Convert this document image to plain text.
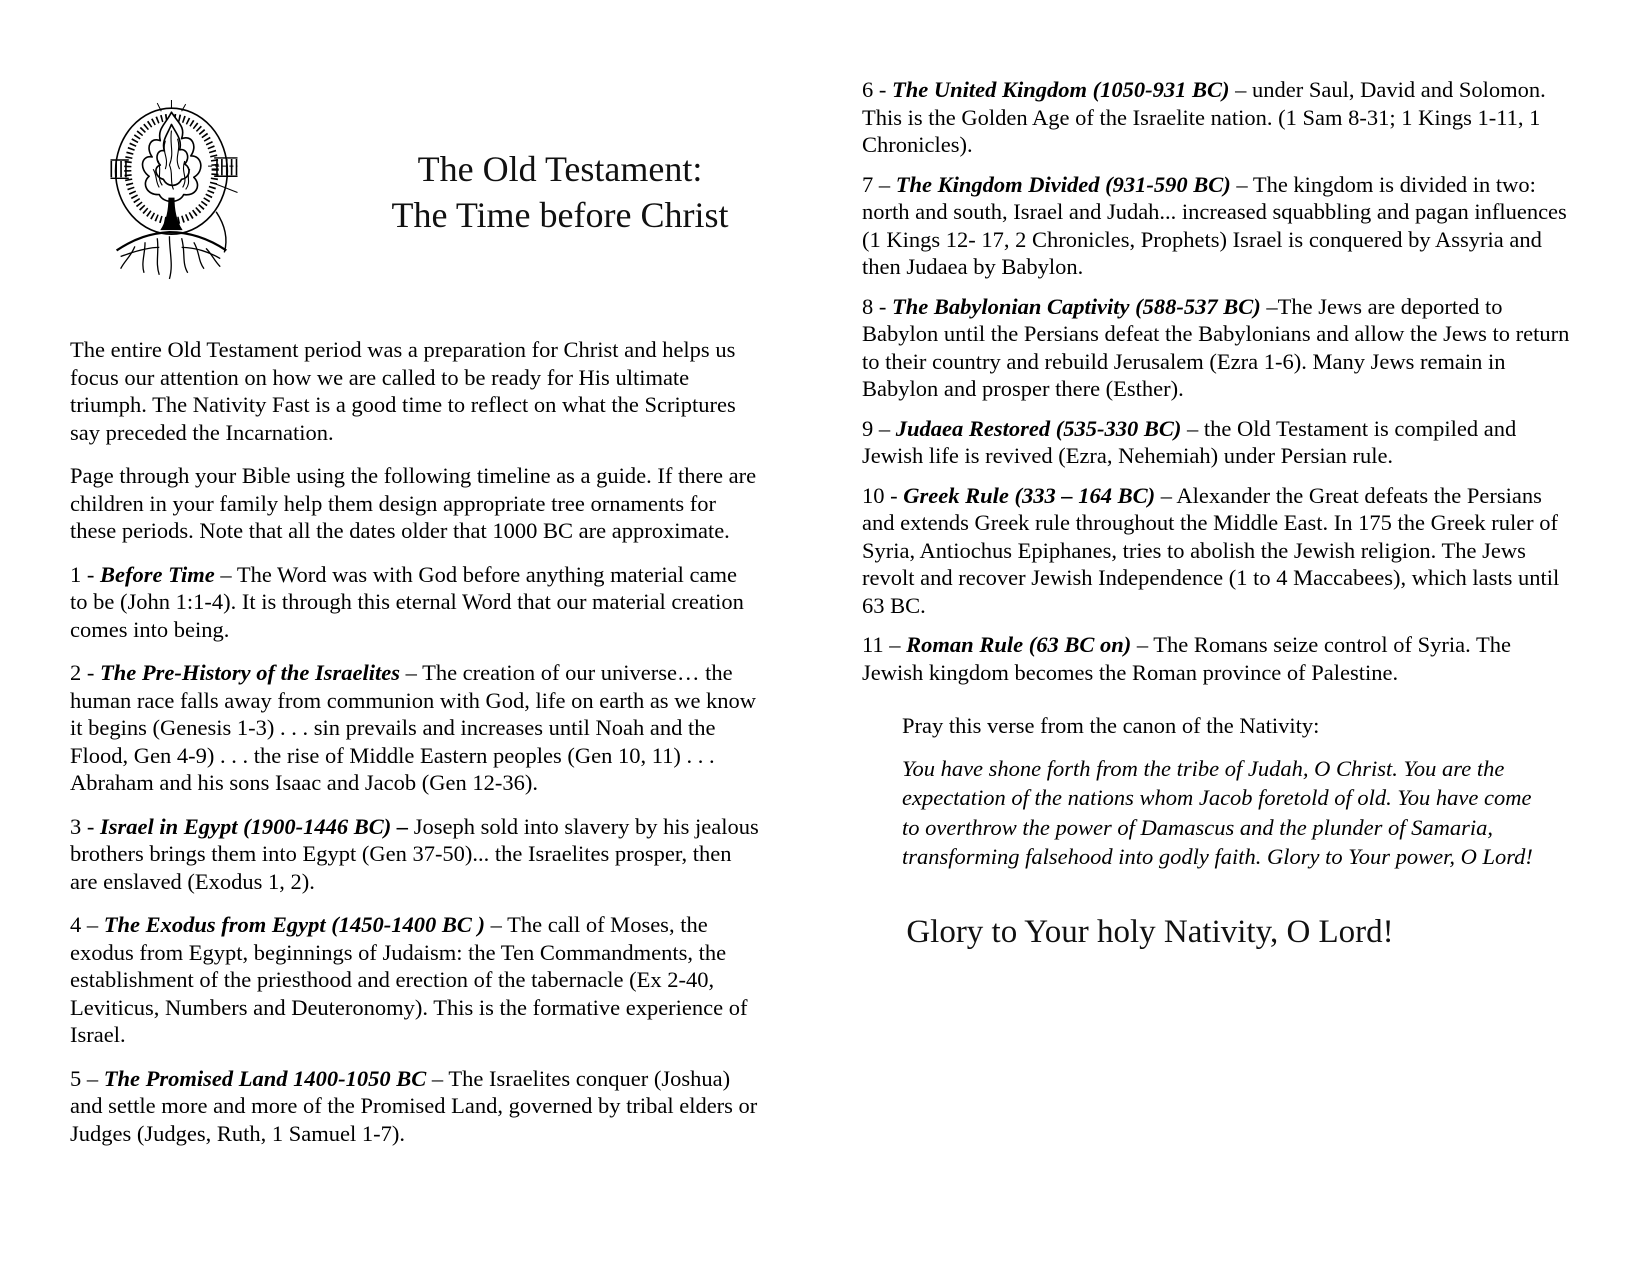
The Old Testament:
The Time before Christ

The entire Old Testament period was a preparation for Christ and helps us focus our attention on how we are called to be ready for His ultimate triumph. The Nativity Fast is a good time to reflect on what the Scriptures say preceded the Incarnation.

Page through your Bible using the following timeline as a guide. If there are children in your family help them design appropriate tree ornaments for these periods. Note that all the dates older that 1000 BC are approximate.

1 - Before Time – The Word was with God before anything material came to be (John 1:1-4). It is through this eternal Word that our material creation comes into being.

2 - The Pre-History of the Israelites – The creation of our universe… the human race falls away from communion with God, life on earth as we know it begins (Genesis 1-3) . . . sin prevails and increases until Noah and the Flood, Gen 4-9) . . . the rise of Middle Eastern peoples (Gen 10, 11) . . . Abraham and his sons Isaac and Jacob (Gen 12-36).

3 - Israel in Egypt (1900-1446 BC) – Joseph sold into slavery by his jealous brothers brings them into Egypt (Gen 37-50)... the Israelites prosper, then are enslaved (Exodus 1, 2).

4 – The Exodus from Egypt (1450-1400 BC ) – The call of Moses, the exodus from Egypt, beginnings of Judaism: the Ten Commandments, the establishment of the priesthood and erection of the tabernacle (Ex 2-40, Leviticus, Numbers and Deuteronomy). This is the formative experience of Israel.

5 – The Promised Land 1400-1050 BC – The Israelites conquer (Joshua) and settle more and more of the Promised Land, governed by tribal elders or Judges (Judges, Ruth, 1 Samuel 1-7).

6 - The United Kingdom (1050-931 BC) – under Saul, David and Solomon. This is the Golden Age of the Israelite nation. (1 Sam 8-31; 1 Kings 1-11, 1 Chronicles).

7 – The Kingdom Divided (931-590 BC) – The kingdom is divided in two: north and south, Israel and Judah... increased squabbling and pagan influences (1 Kings 12- 17, 2 Chronicles, Prophets) Israel is conquered by Assyria and then Judaea by Babylon.

8 - The Babylonian Captivity (588-537 BC) –The Jews are deported to Babylon until the Persians defeat the Babylonians and allow the Jews to return to their country and rebuild Jerusalem (Ezra 1-6). Many Jews remain in Babylon and prosper there (Esther).

9 – Judaea Restored (535-330 BC) – the Old Testament is compiled and Jewish life is revived (Ezra, Nehemiah) under Persian rule.

10 - Greek Rule (333 – 164 BC) – Alexander the Great defeats the Persians and extends Greek rule throughout the Middle East. In 175 the Greek ruler of Syria, Antiochus Epiphanes, tries to abolish the Jewish religion. The Jews revolt and recover Jewish Independence (1 to 4 Maccabees), which lasts until 63 BC.

11 – Roman Rule (63 BC on) – The Romans seize control of Syria. The Jewish kingdom becomes the Roman province of Palestine.

Pray this verse from the canon of the Nativity:

You have shone forth from the tribe of Judah, O Christ. You are the expectation of the nations whom Jacob foretold of old. You have come to overthrow the power of Damascus and the plunder of Samaria, transforming falsehood into godly faith. Glory to Your power, O Lord!

Glory to Your holy Nativity, O Lord!
